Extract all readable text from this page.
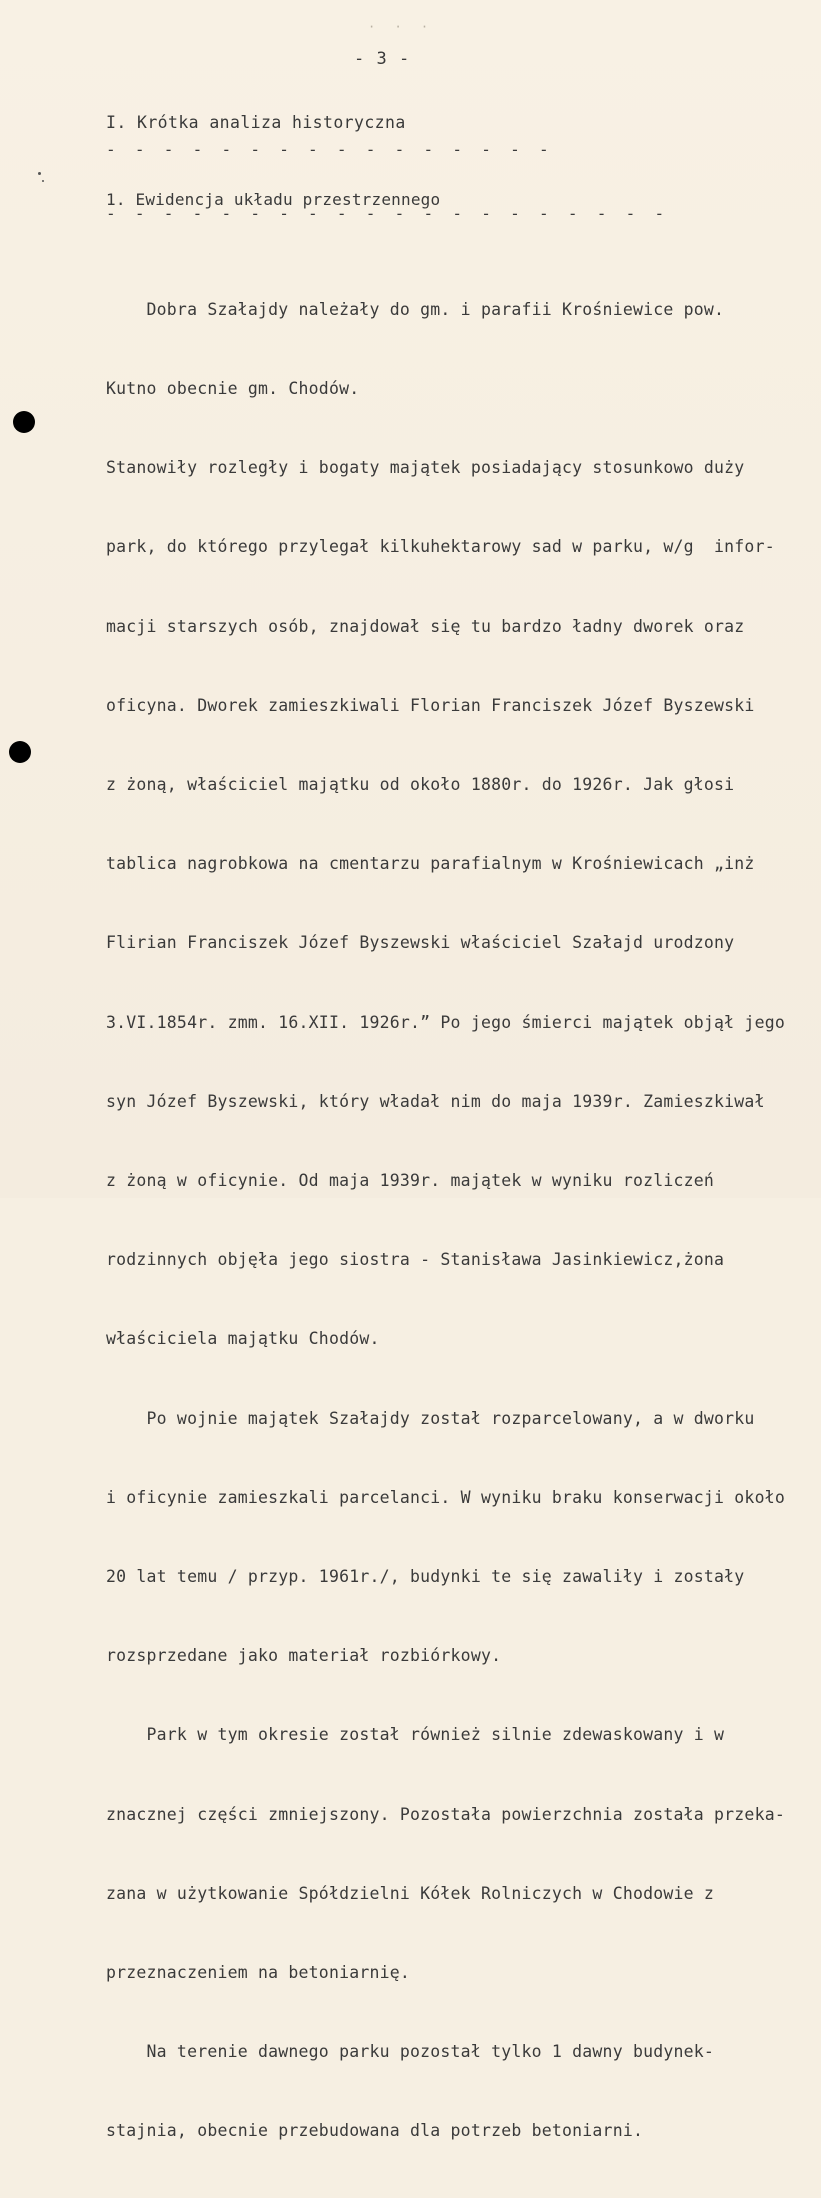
· · ·
- 3 -
I. Krótka analiza historyczna
- - - - - - - - - - - - - - - -
1. Ewidencja układu przestrzennego
- - - - - - - - - - - - - - - - - - - -

Dobra Szałajdy należały do gm. i parafii Krośniewice pow.

Kutno obecnie gm. Chodów.

Stanowiły rozległy i bogaty majątek posiadający stosunkowo duży

park, do którego przylegał kilkuhektarowy sad w parku, w/g  infor-

macji starszych osób, znajdował się tu bardzo ładny dworek oraz

oficyna. Dworek zamieszkiwali Florian Franciszek Józef Byszewski

z żoną, właściciel majątku od około 1880r. do 1926r. Jak głosi

tablica nagrobkowa na cmentarzu parafialnym w Krośniewicach „inż

Flirian Franciszek Józef Byszewski właściciel Szałajd urodzony

3.VI.1854r. zmm. 16.XII. 1926r.” Po jego śmierci majątek objął jego

syn Józef Byszewski, który władał nim do maja 1939r. Zamieszkiwał

z żoną w oficynie. Od maja 1939r. majątek w wyniku rozliczeń

rodzinnych objęła jego siostra - Stanisława Jasinkiewicz,żona

właściciela majątku Chodów.

Po wojnie majątek Szałajdy został rozparcelowany, a w dworku

i oficynie zamieszkali parcelanci. W wyniku braku konserwacji około

20 lat temu / przyp. 1961r./, budynki te się zawaliły i zostały

rozsprzedane jako materiał rozbiórkowy.

Park w tym okresie został również silnie zdewaskowany i w

znacznej części zmniejszony. Pozostała powierzchnia została przeka-

zana w użytkowanie Spółdzielni Kółek Rolniczych w Chodowie z

przeznaczeniem na betoniarnię.

Na terenie dawnego parku pozostał tylko 1 dawny budynek-

stajnia, obecnie przebudowana dla potrzeb betoniarni.
